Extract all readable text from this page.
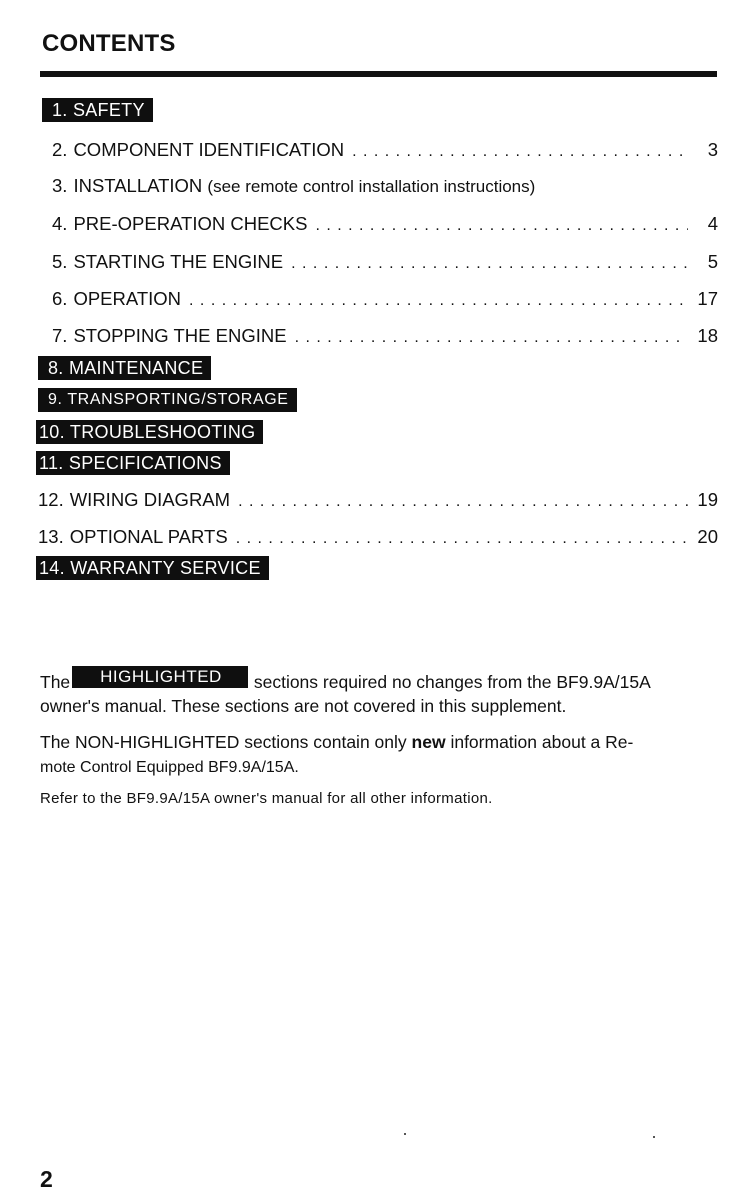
CONTENTS
1. SAFETY
2. COMPONENT IDENTIFICATION . . .	3
3. INSTALLATION (see remote control installation instructions)
4. PRE-OPERATION CHECKS . . .	4
5. STARTING THE ENGINE . . .	5
6. OPERATION . . .	17
7. STOPPING THE ENGINE . . .	18
8. MAINTENANCE
9. TRANSPORTING/STORAGE
10. TROUBLESHOOTING
11. SPECIFICATIONS
12. WIRING DIAGRAM . . .	19
13. OPTIONAL PARTS . . .	20
14. WARRANTY SERVICE
The HIGHLIGHTED sections required no changes from the BF9.9A/15A
owner's manual. These sections are not covered in this supplement.
The NON-HIGHLIGHTED sections contain only new information about a Re-
mote Control Equipped BF9.9A/15A.
Refer to the BF9.9A/15A owner's manual for all other information.
2
